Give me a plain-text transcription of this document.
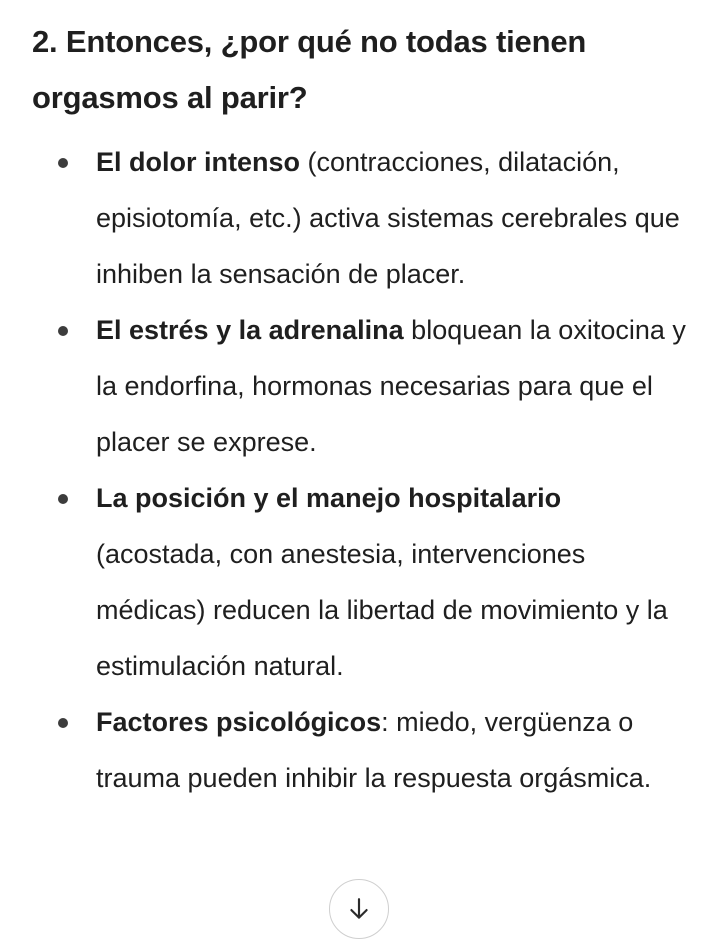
2. Entonces, ¿por qué no todas tienen orgasmos al parir?
El dolor intenso (contracciones, dilatación, episiotomía, etc.) activa sistemas cerebrales que inhiben la sensación de placer.
El estrés y la adrenalina bloquean la oxitocina y la endorfina, hormonas necesarias para que el placer se exprese.
La posición y el manejo hospitalario (acostada, con anestesia, intervenciones médicas) reducen la libertad de movimiento y la estimulación natural.
Factores psicológicos: miedo, vergüenza o trauma pueden inhibir la respuesta orgásmica.
